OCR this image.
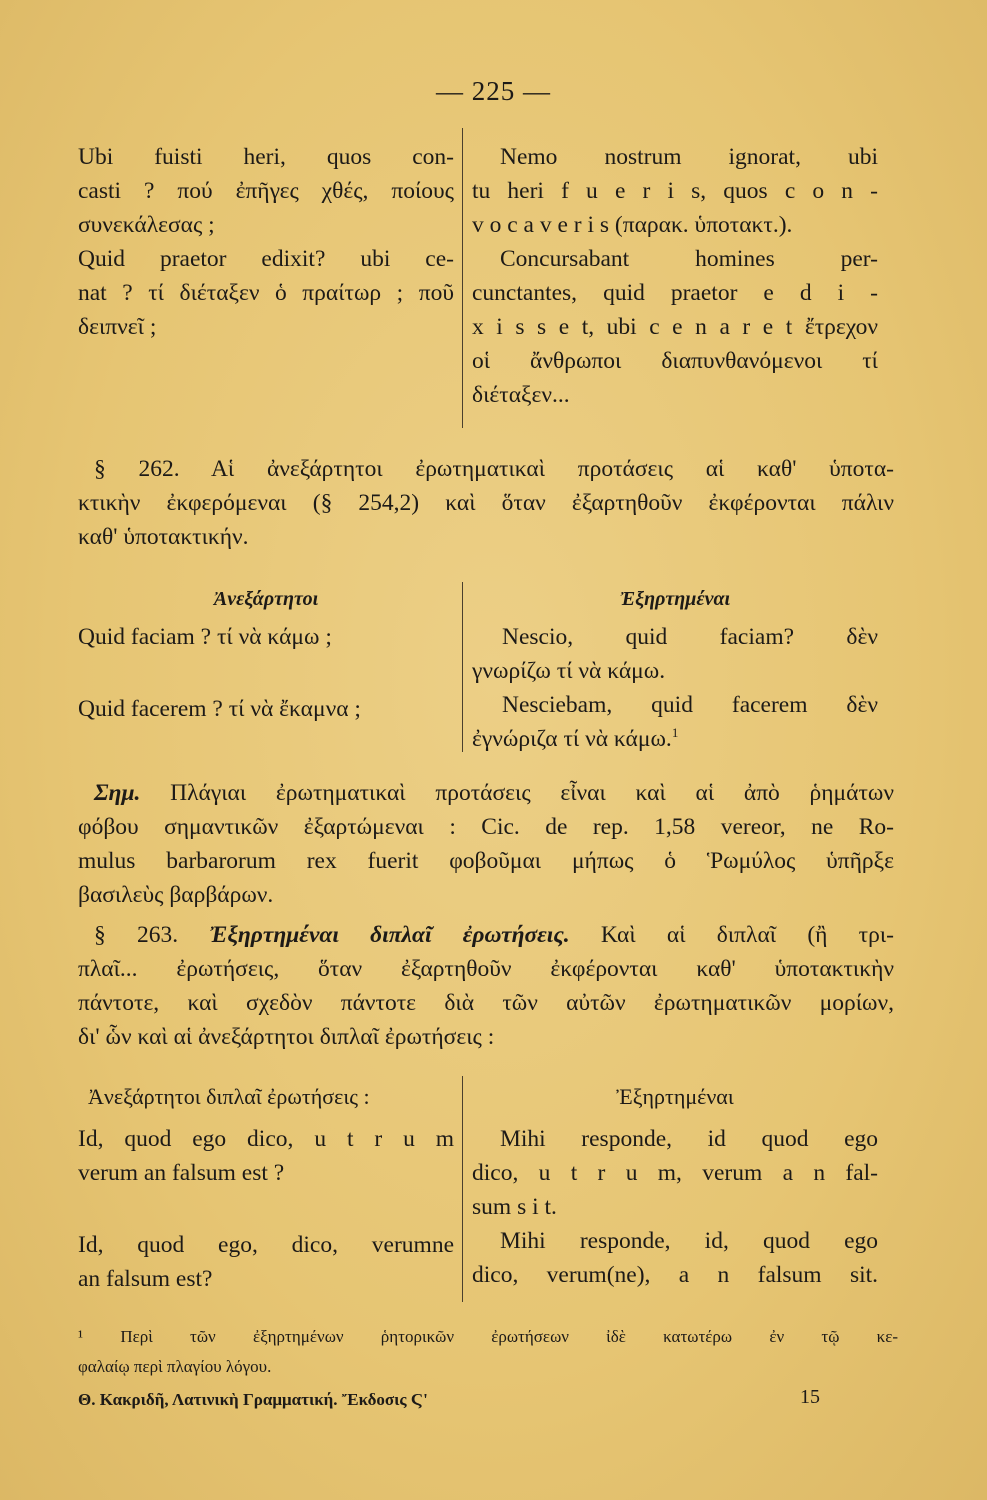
— 225 —

Ubi fuisti heri, quos con-

casti ? πού ἐπῆγες χθές, ποίους

συνεκάλεσας ;

Quid praetor edixit? ubi ce-

nat ? τί διέταξεν ὁ πραίτωρ ; ποῦ

δειπνεῖ ;

Nemo nostrum ignorat, ubi

tu heri f u e r i s, quos c o n -

v o c a v e r i s (παρακ. ὑποτακτ.).

Concursabant homines per-

cunctantes, quid praetor e d i -

x i s s e t, ubi c e n a r e t ἔτρεχον

οἱ ἄνθρωποι διαπυνθανόμενοι τί

διέταξεν...

§ 262. Αἱ ἀνεξάρτητοι ἐρωτηματικαὶ προτάσεις αἱ καθ' ὑποτα-

κτικὴν ἐκφερόμεναι (§ 254,2) καὶ ὅταν ἐξαρτηθοῦν ἐκφέρονται πάλιν

καθ' ὑποτακτικήν.

Ἀνεξάρτητοι

Quid faciam ? τί νὰ κάμω ;

Quid facerem ? τί νὰ ἔκαμνα ;

Ἐξηρτημέναι

Nescio, quid faciam? δὲν

γνωρίζω τί νὰ κάμω.

Nesciebam, quid facerem δὲν

ἐγνώριζα τί νὰ κάμω.$^1$

Σημ. Πλάγιαι ἐρωτηματικαὶ προτάσεις εἶναι καὶ αἱ ἀπὸ ῥημάτων

φόβου σημαντικῶν ἐξαρτώμεναι : Cic. de rep. 1,58 vereor, ne Ro-

mulus barbarorum rex fuerit φοβοῦμαι μήπως ὁ Ῥωμύλος ὑπῆρξε

βασιλεὺς βαρβάρων.

§ 263. Ἐξηρτημέναι διπλαῖ ἐρωτήσεις. Καὶ αἱ διπλαῖ (ἢ τρι-

πλαῖ... ἐρωτήσεις, ὅταν ἐξαρτηθοῦν ἐκφέρονται καθ' ὑποτακτικὴν

πάντοτε, καὶ σχεδὸν πάντοτε διὰ τῶν αὐτῶν ἐρωτηματικῶν μορίων,

δι' ὧν καὶ αἱ ἀνεξάρτητοι διπλαῖ ἐρωτήσεις :

Ἀνεξάρτητοι διπλαῖ ἐρωτήσεις :

Id, quod ego dico, u t r u m

verum an falsum est ?

Id, quod ego, dico, verumne

an falsum est?

Ἐξηρτημέναι

Mihi responde, id quod ego

dico, u t r u m, verum a n fal-

sum s i t.

Mihi responde, id, quod ego

dico, verum(ne), a n falsum sit.

¹ Περὶ τῶν ἐξηρτημένων ῥητορικῶν ἐρωτήσεων ἰδὲ κατωτέρω ἐν τῷ κε-

φαλαίῳ περὶ πλαγίου λόγου.

Θ. Κακριδῆ, Λατινικὴ Γραμματική. Ἔκδοσις Ϛ'	15
